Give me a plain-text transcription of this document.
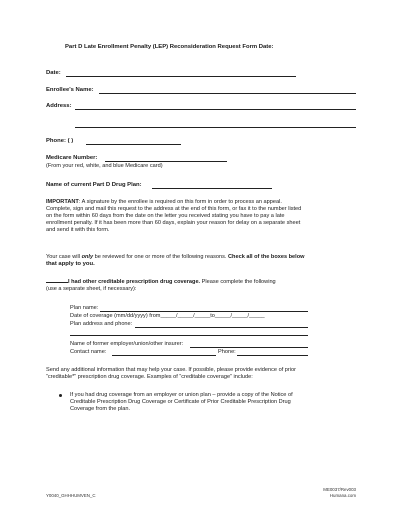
Part D Late Enrollment Penalty (LEP) Reconsideration Request Form Date:
Date:
Enrollee's Name:
Address:
Phone: ( )
Medicare Number:
(From your red, white, and blue Medicare card)
Name of current Part D Drug Plan:
IMPORTANT: A signature by the enrollee is required on this form in order to process an appeal.
Complete, sign and mail this request to the address at the end of this form, or fax it to the number listed
on the form within 60 days from the date on the letter you received stating you have to pay a late
enrollment penalty. If it has been more than 60 days, explain your reason for delay on a separate sheet
and send it with this form.
Your case will only be reviewed for one or more of the following reasons. Check all of the boxes below
that apply to you.
I had other creditable prescription drug coverage. Please complete the following
(use a separate sheet, if necessary):
Plan name:
Date of coverage (mm/dd/yyyy) from_____/_____/_____to_____/_____/_____
Plan address and phone:
Name of former employer/union/other insurer:
Contact name:	Phone:
Send any additional information that may help your case. If possible, please provide evidence of prior
“creditable*” prescription drug coverage. Examples of “creditable coverage” include:
If you had drug coverage from an employer or union plan – provide a copy of the Notice of
Creditable Prescription Drug Coverage or Certificate of Prior Creditable Prescription Drug
Coverage from the plan.
Y0040_GHHHUMVEN_C
ME0037/Rev003
Humana.com
